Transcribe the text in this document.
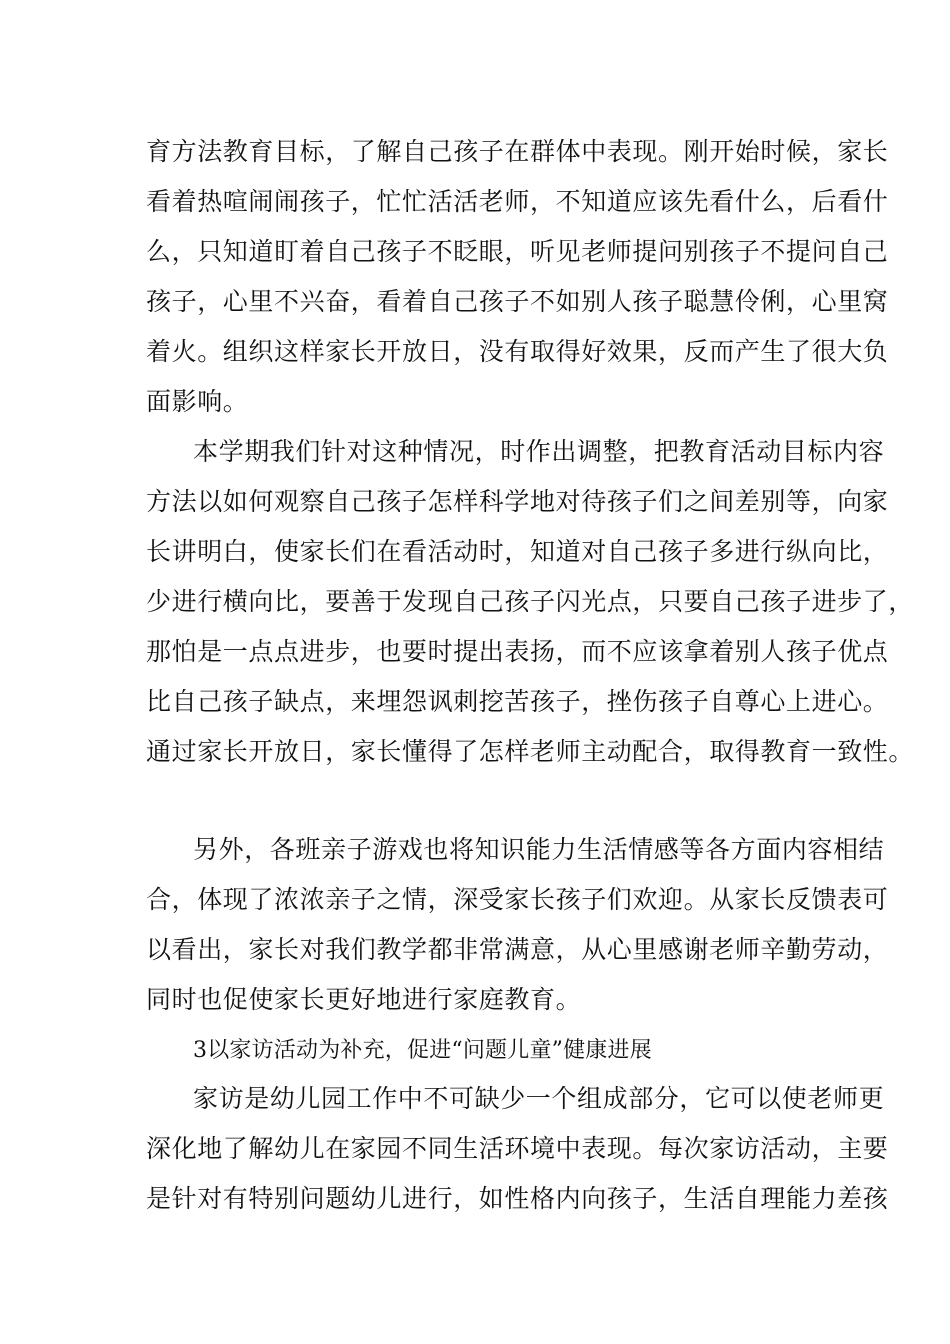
育方法教育目标，了解自己孩子在群体中表现。刚开始时候，家长

看着热喧闹闹孩子，忙忙活活老师，不知道应该先看什么，后看什

么，只知道盯着自己孩子不眨眼，听见老师提问别孩子不提问自己

孩子，心里不兴奋，看着自己孩子不如别人孩子聪慧伶俐，心里窝

着火。组织这样家长开放日，没有取得好效果，反而产生了很大负

面影响。

本学期我们针对这种情况，时作出调整，把教育活动目标内容

方法以如何观察自己孩子怎样科学地对待孩子们之间差别等，向家

长讲明白，使家长们在看活动时，知道对自己孩子多进行纵向比，

少进行横向比，要善于发现自己孩子闪光点，只要自己孩子进步了，

那怕是一点点进步，也要时提出表扬，而不应该拿着别人孩子优点

比自己孩子缺点，来埋怨讽刺挖苦孩子，挫伤孩子自尊心上进心。

通过家长开放日，家长懂得了怎样老师主动配合，取得教育一致性。

另外，各班亲子游戏也将知识能力生活情感等各方面内容相结

合，体现了浓浓亲子之情，深受家长孩子们欢迎。从家长反馈表可

以看出，家长对我们教学都非常满意，从心里感谢老师辛勤劳动，

同时也促使家长更好地进行家庭教育。

3以家访活动为补充，促进“问题儿童”健康进展

家访是幼儿园工作中不可缺少一个组成部分，它可以使老师更

深化地了解幼儿在家园不同生活环境中表现。每次家访活动，主要

是针对有特别问题幼儿进行，如性格内向孩子，生活自理能力差孩
